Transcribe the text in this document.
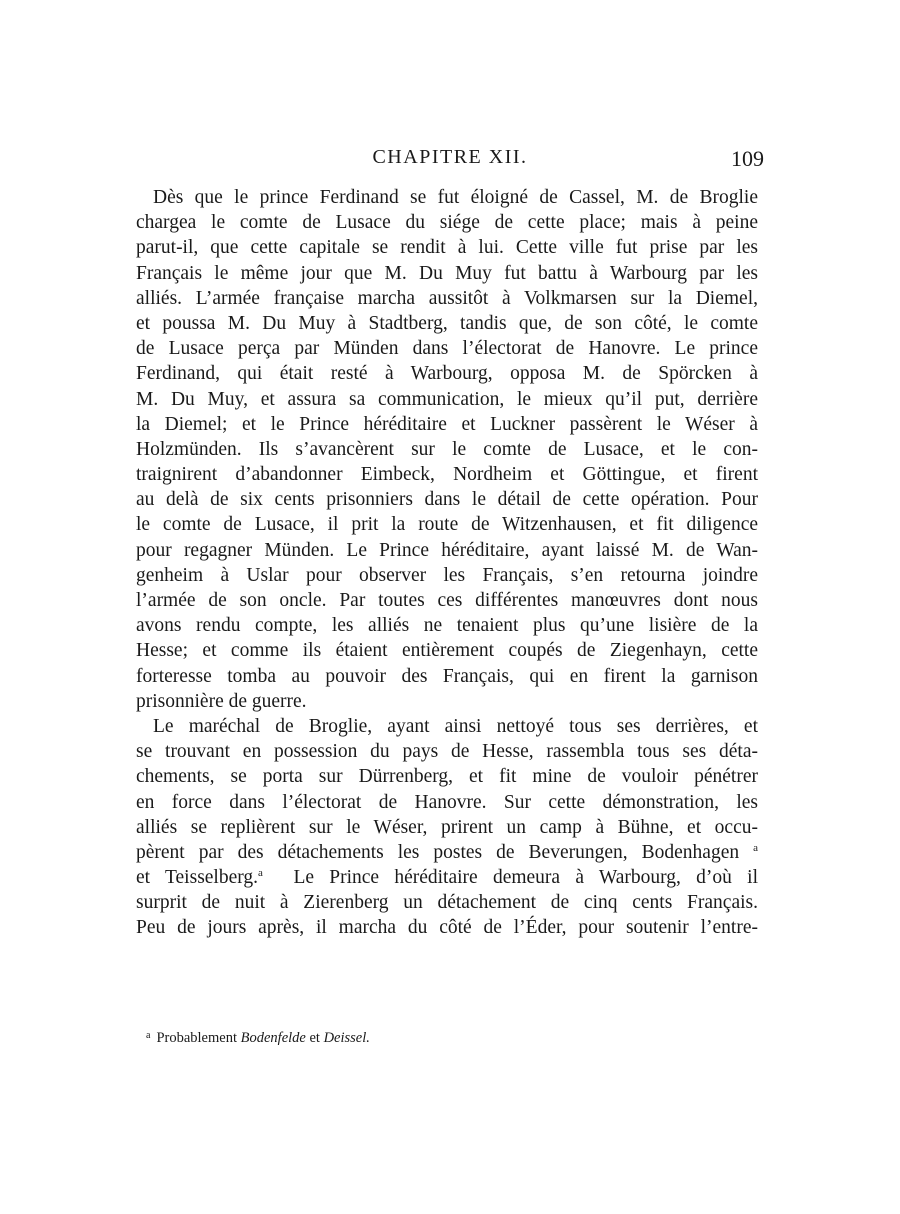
CHAPITRE XII.	109
Dès que le prince Ferdinand se fut éloigné de Cassel, M. de Broglie
chargea le comte de Lusace du siége de cette place; mais à peine
parut-il, que cette capitale se rendit à lui. Cette ville fut prise par les
Français le même jour que M. Du Muy fut battu à Warbourg par les
alliés. L’armée française marcha aussitôt à Volkmarsen sur la Diemel,
et poussa M. Du Muy à Stadtberg, tandis que, de son côté, le comte
de Lusace perça par Münden dans l’électorat de Hanovre. Le prince
Ferdinand, qui était resté à Warbourg, opposa M. de Spörcken à
M. Du Muy, et assura sa communication, le mieux qu’il put, derrière
la Diemel; et le Prince héréditaire et Luckner passèrent le Wéser à
Holzmünden. Ils s’avancèrent sur le comte de Lusace, et le con-
traignirent d’abandonner Eimbeck, Nordheim et Göttingue, et firent
au delà de six cents prisonniers dans le détail de cette opération. Pour
le comte de Lusace, il prit la route de Witzenhausen, et fit diligence
pour regagner Münden. Le Prince héréditaire, ayant laissé M. de Wan-
genheim à Uslar pour observer les Français, s’en retourna joindre
l’armée de son oncle. Par toutes ces différentes manœuvres dont nous
avons rendu compte, les alliés ne tenaient plus qu’une lisière de la
Hesse; et comme ils étaient entièrement coupés de Ziegenhayn, cette
forteresse tomba au pouvoir des Français, qui en firent la garnison
prisonnière de guerre.
Le maréchal de Broglie, ayant ainsi nettoyé tous ses derrières, et
se trouvant en possession du pays de Hesse, rassembla tous ses déta-
chements, se porta sur Dürrenberg, et fit mine de vouloir pénétrer
en force dans l’électorat de Hanovre. Sur cette démonstration, les
alliés se replièrent sur le Wéser, prirent un camp à Bühne, et occu-
pèrent par des détachements les postes de Beverungen, Bodenhagen $^a$
et Teisselberg.$^a$ Le Prince héréditaire demeura à Warbourg, d’où il
surprit de nuit à Zierenberg un détachement de cinq cents Français.
Peu de jours après, il marcha du côté de l’Éder, pour soutenir l’entre-
$^a$ Probablement Bodenfelde et Deissel.
